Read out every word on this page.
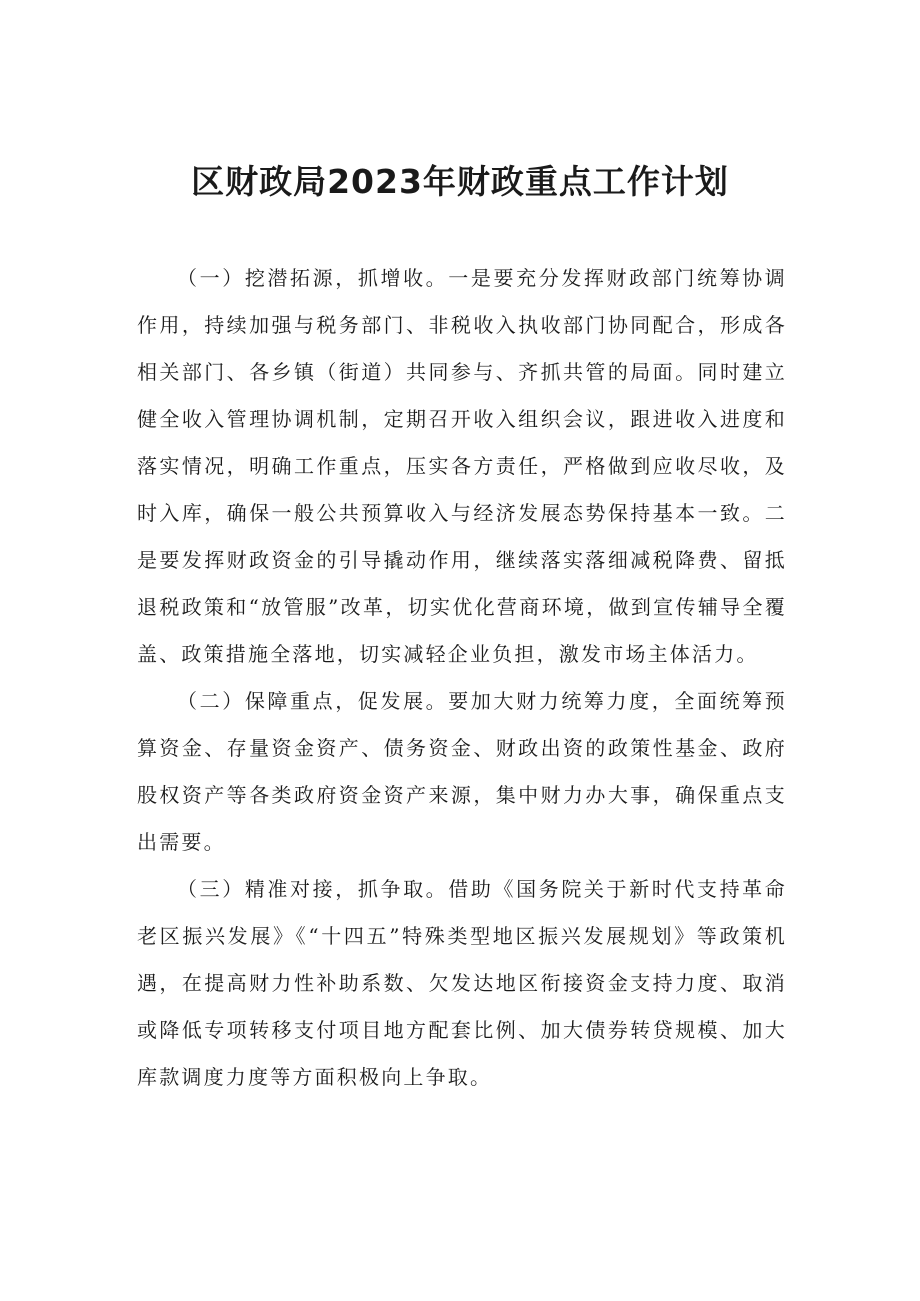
区财政局2023年财政重点工作计划

（一）挖潜拓源，抓增收。一是要充分发挥财政部门统筹协调作用，持续加强与税务部门、非税收入执收部门协同配合，形成各相关部门、各乡镇（街道）共同参与、齐抓共管的局面。同时建立健全收入管理协调机制，定期召开收入组织会议，跟进收入进度和落实情况，明确工作重点，压实各方责任，严格做到应收尽收，及时入库，确保一般公共预算收入与经济发展态势保持基本一致。二是要发挥财政资金的引导撬动作用，继续落实落细减税降费、留抵退税政策和“放管服”改革，切实优化营商环境，做到宣传辅导全覆盖、政策措施全落地，切实减轻企业负担，激发市场主体活力。

（二）保障重点，促发展。要加大财力统筹力度，全面统筹预算资金、存量资金资产、债务资金、财政出资的政策性基金、政府股权资产等各类政府资金资产来源，集中财力办大事，确保重点支出需要。

（三）精准对接，抓争取。借助《国务院关于新时代支持革命老区振兴发展》《“十四五”特殊类型地区振兴发展规划》等政策机遇，在提高财力性补助系数、欠发达地区衔接资金支持力度、取消或降低专项转移支付项目地方配套比例、加大债券转贷规模、加大库款调度力度等方面积极向上争取。
